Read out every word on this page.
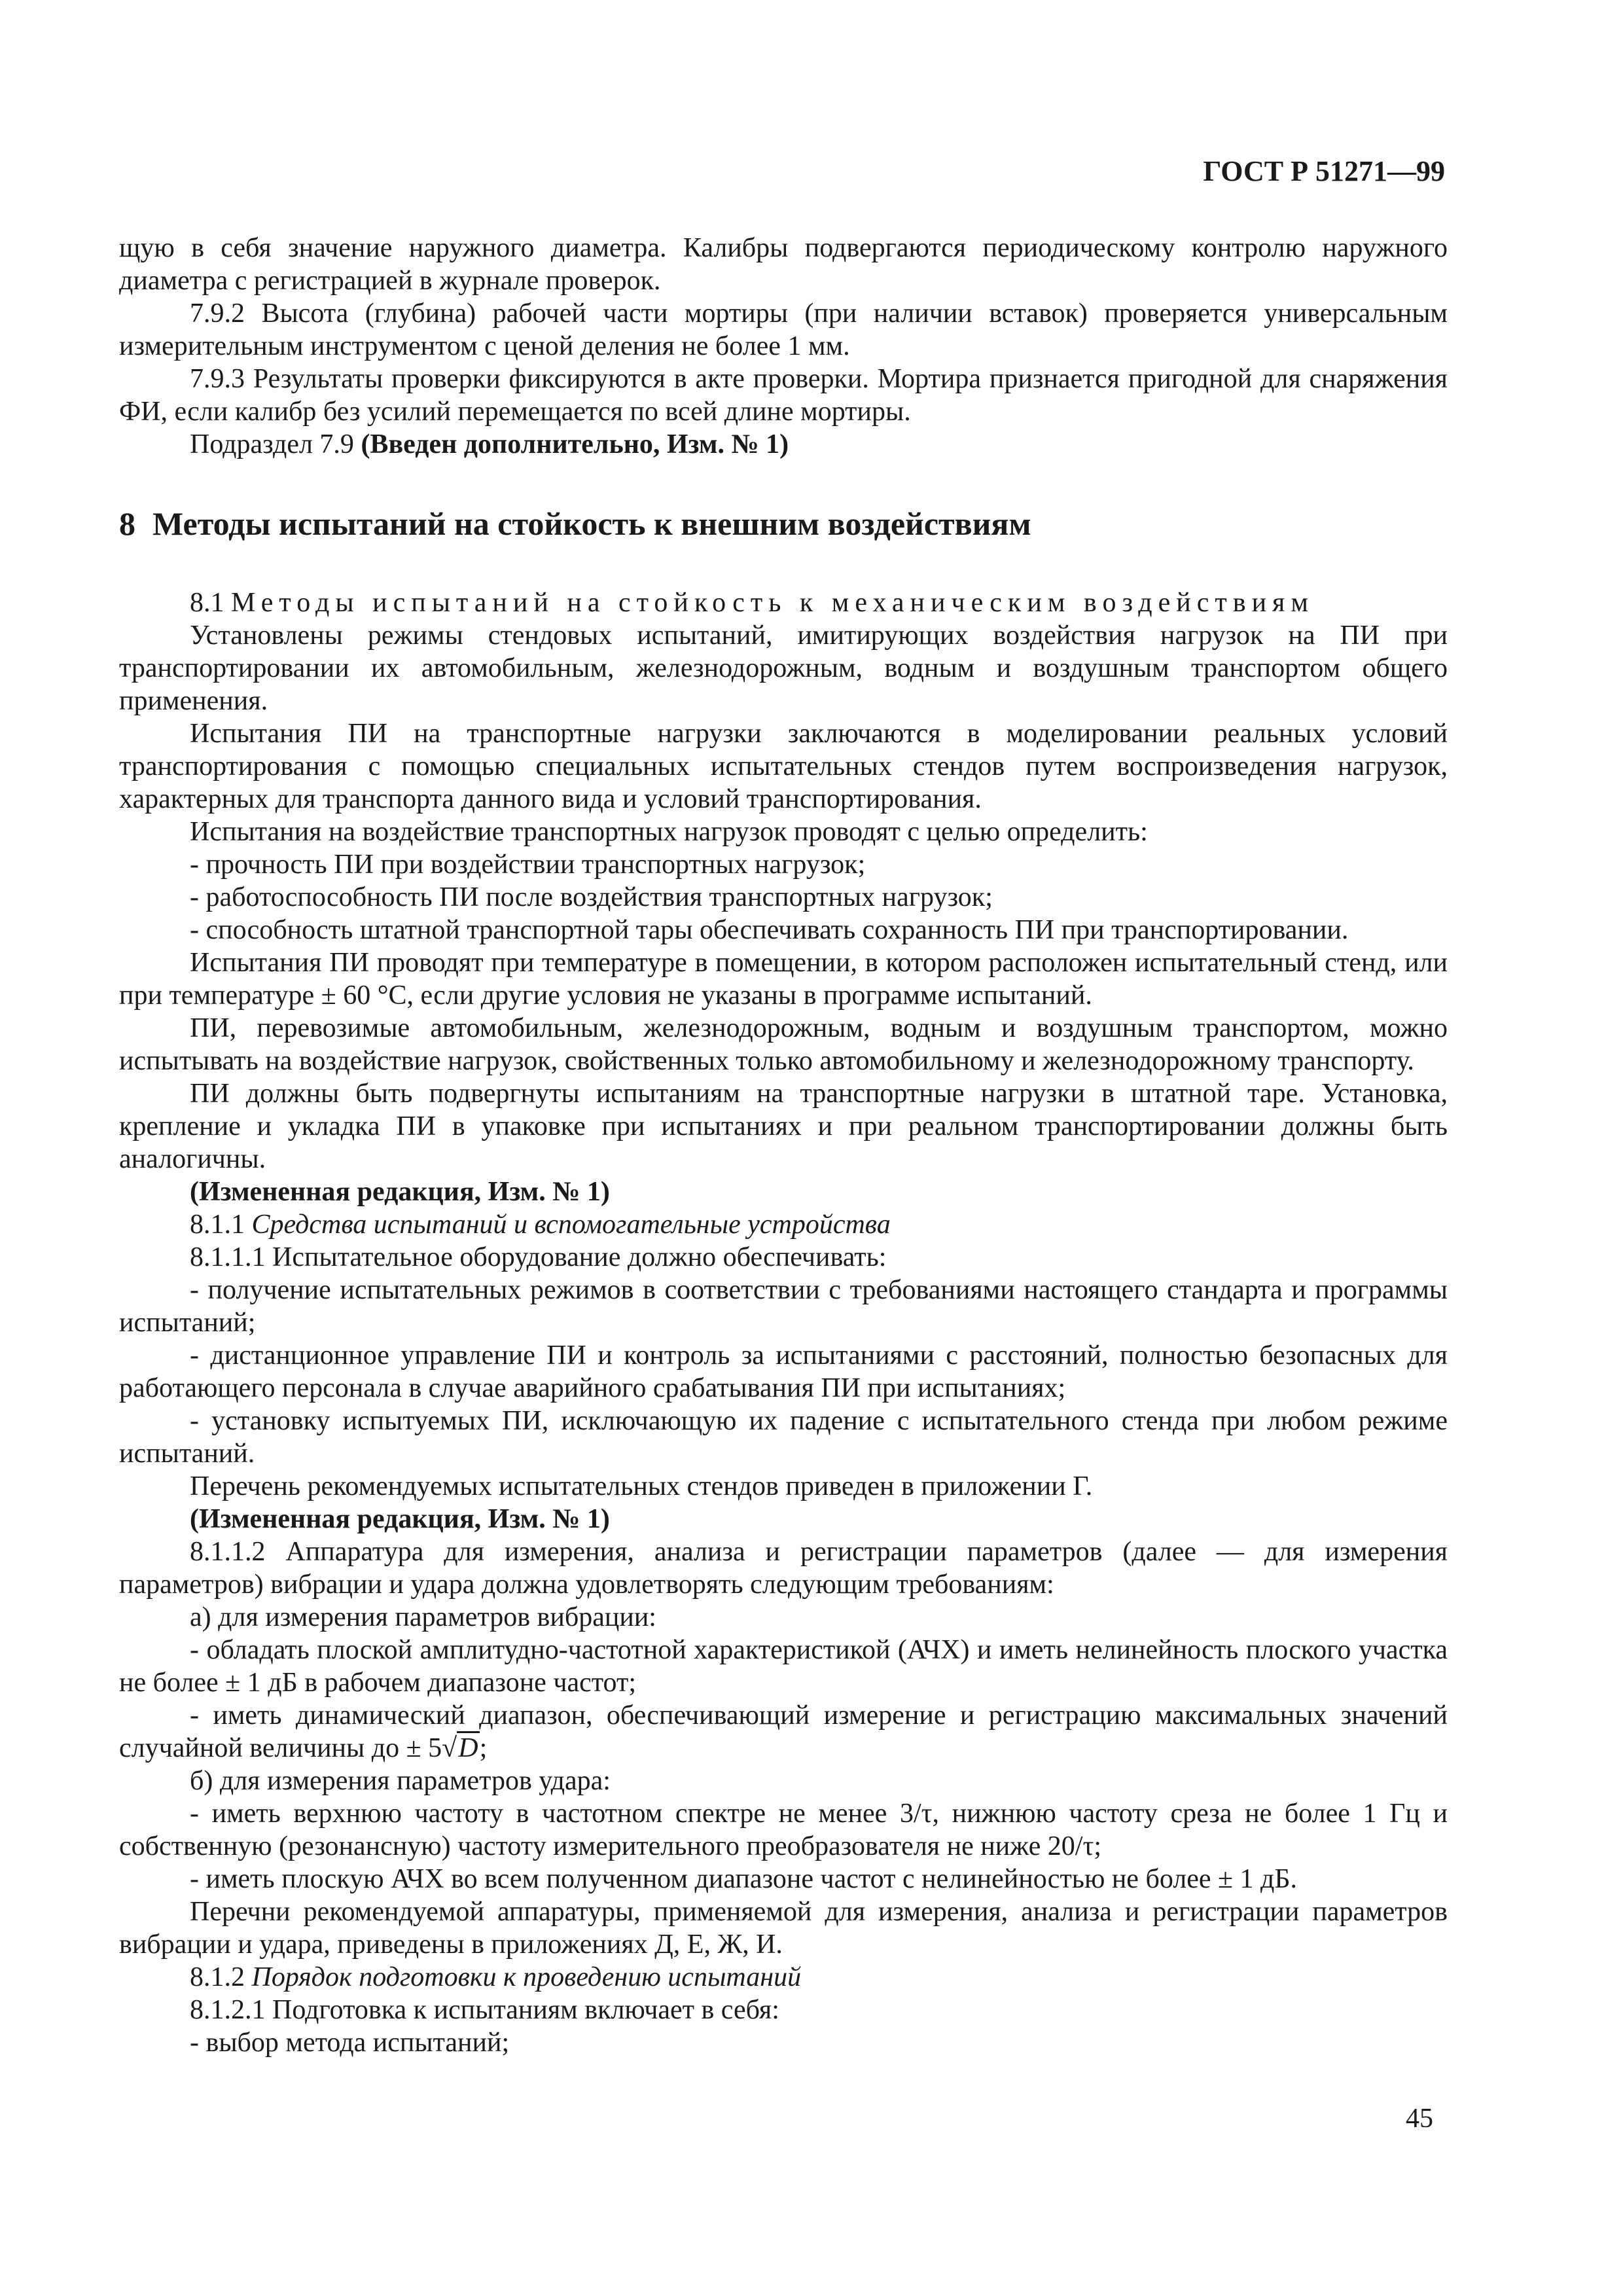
ГОСТ Р 51271—99

щую в себя значение наружного диаметра. Калибры подвергаются периодическому контролю наружного диаметра с регистрацией в журнале проверок.

7.9.2 Высота (глубина) рабочей части мортиры (при наличии вставок) проверяется универсальным измерительным инструментом с ценой деления не более 1 мм.

7.9.3 Результаты проверки фиксируются в акте проверки. Мортира признается пригодной для снаряжения ФИ, если калибр без усилий перемещается по всей длине мортиры.

Подраздел 7.9 (Введен дополнительно, Изм. № 1)

8 Методы испытаний на стойкость к внешним воздействиям

8.1 Методы испытаний на стойкость к механическим воздействиям

Установлены режимы стендовых испытаний, имитирующих воздействия нагрузок на ПИ при транспортировании их автомобильным, железнодорожным, водным и воздушным транспортом общего применения.

Испытания ПИ на транспортные нагрузки заключаются в моделировании реальных условий транспортирования с помощью специальных испытательных стендов путем воспроизведения нагрузок, характерных для транспорта данного вида и условий транспортирования.

Испытания на воздействие транспортных нагрузок проводят с целью определить:

- прочность ПИ при воздействии транспортных нагрузок;

- работоспособность ПИ после воздействия транспортных нагрузок;

- способность штатной транспортной тары обеспечивать сохранность ПИ при транспортировании.

Испытания ПИ проводят при температуре в помещении, в котором расположен испытательный стенд, или при температуре ± 60 °С, если другие условия не указаны в программе испытаний.

ПИ, перевозимые автомобильным, железнодорожным, водным и воздушным транспортом, можно испытывать на воздействие нагрузок, свойственных только автомобильному и железнодорожному транспорту.

ПИ должны быть подвергнуты испытаниям на транспортные нагрузки в штатной таре. Установка, крепление и укладка ПИ в упаковке при испытаниях и при реальном транспортировании должны быть аналогичны.

(Измененная редакция, Изм. № 1)

8.1.1 Средства испытаний и вспомогательные устройства

8.1.1.1 Испытательное оборудование должно обеспечивать:

- получение испытательных режимов в соответствии с требованиями настоящего стандарта и программы испытаний;

- дистанционное управление ПИ и контроль за испытаниями с расстояний, полностью безопасных для работающего персонала в случае аварийного срабатывания ПИ при испытаниях;

- установку испытуемых ПИ, исключающую их падение с испытательного стенда при любом режиме испытаний.

Перечень рекомендуемых испытательных стендов приведен в приложении Г.

(Измененная редакция, Изм. № 1)

8.1.1.2 Аппаратура для измерения, анализа и регистрации параметров (далее — для измерения параметров) вибрации и удара должна удовлетворять следующим требованиям:

а) для измерения параметров вибрации:

- обладать плоской амплитудно-частотной характеристикой (АЧХ) и иметь нелинейность плоского участка не более ± 1 дБ в рабочем диапазоне частот;

- иметь динамический диапазон, обеспечивающий измерение и регистрацию максимальных значений случайной величины до ± 5√D;

б) для измерения параметров удара:

- иметь верхнюю частоту в частотном спектре не менее 3/τ, нижнюю частоту среза не более 1 Гц и собственную (резонансную) частоту измерительного преобразователя не ниже 20/τ;

- иметь плоскую АЧХ во всем полученном диапазоне частот с нелинейностью не более ± 1 дБ.

Перечни рекомендуемой аппаратуры, применяемой для измерения, анализа и регистрации параметров вибрации и удара, приведены в приложениях Д, Е, Ж, И.

8.1.2 Порядок подготовки к проведению испытаний

8.1.2.1 Подготовка к испытаниям включает в себя:

- выбор метода испытаний;

45
